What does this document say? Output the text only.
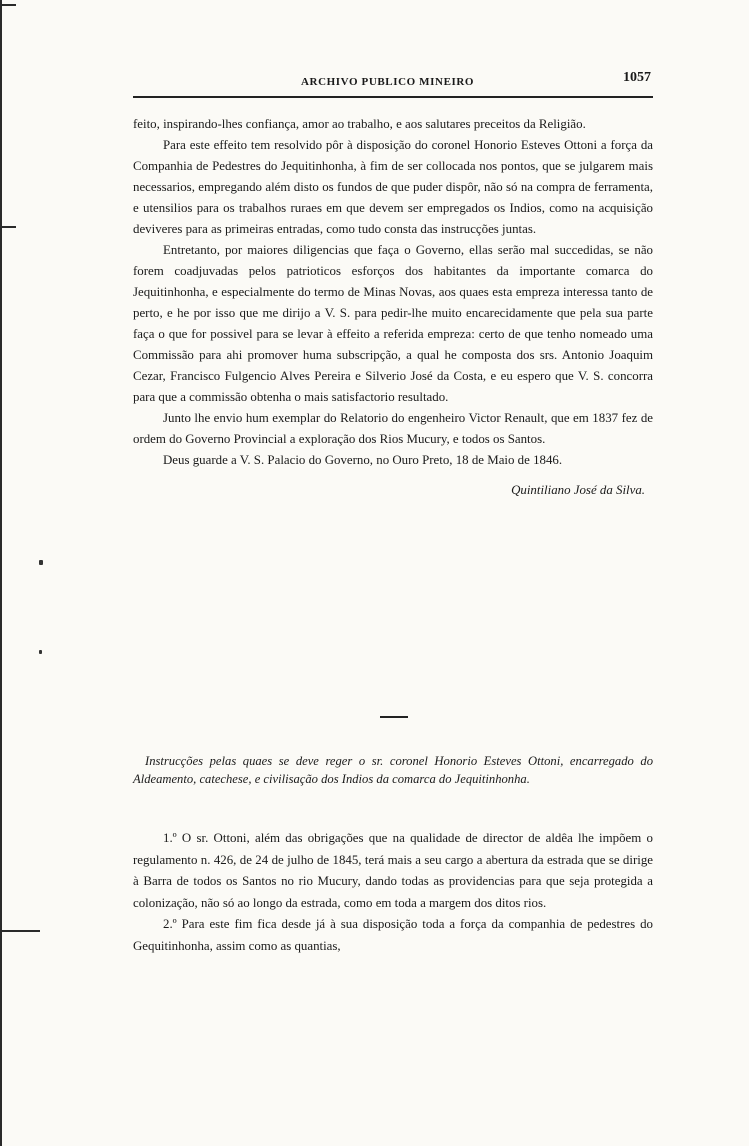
ARCHIVO PUBLICO MINEIRO	1057

feito, inspirando-lhes confiança, amor ao trabalho, e aos salutares preceitos da Religião.

Para este effeito tem resolvido pôr à disposição do coronel Honorio Esteves Ottoni a força da Companhia de Pedestres do Jequitinhonha, à fim de ser collocada nos pontos, que se julgarem mais necessarios, empregando além disto os fundos de que puder dispôr, não só na compra de ferramenta, e utensilios para os trabalhos ruraes em que devem ser empregados os Indios, como na acquisição deviveres para as primeiras entradas, como tudo consta das instrucções juntas.

Entretanto, por maiores diligencias que faça o Governo, ellas serão mal succedidas, se não forem coadjuvadas pelos patrioticos esforços dos habitantes da importante comarca do Jequitinhonha, e especialmente do termo de Minas Novas, aos quaes esta empreza interessa tanto de perto, e he por isso que me dirijo a V. S. para pedir-lhe muito encarecidamente que pela sua parte faça o que for possivel para se levar à effeito a referida empreza: certo de que tenho nomeado uma Commissão para ahi promover huma subscripção, a qual he composta dos srs. Antonio Joaquim Cezar, Francisco Fulgencio Alves Pereira e Silverio José da Costa, e eu espero que V. S. concorra para que a commissão obtenha o mais satisfactorio resultado.

Junto lhe envio hum exemplar do Relatorio do engenheiro Victor Renault, que em 1837 fez de ordem do Governo Provincial a exploração dos Rios Mucury, e todos os Santos.

Deus guarde a V. S. Palacio do Governo, no Ouro Preto, 18 de Maio de 1846.

Quintiliano José da Silva.

Instrucções pelas quaes se deve reger o sr. coronel Honorio Esteves Ottoni, encarregado do Aldeamento, catechese, e civilisação dos Indios da comarca do Jequitinhonha.

1.º O sr. Ottoni, além das obrigações que na qualidade de director de aldêa lhe impõem o regulamento n. 426, de 24 de julho de 1845, terá mais a seu cargo a abertura da estrada que se dirige à Barra de todos os Santos no rio Mucury, dando todas as providencias para que seja protegida a colonização, não só ao longo da estrada, como em toda a margem dos ditos rios.

2.º Para este fim fica desde já à sua disposição toda a força da companhia de pedestres do Gequitinhonha, assim como as quantias,
